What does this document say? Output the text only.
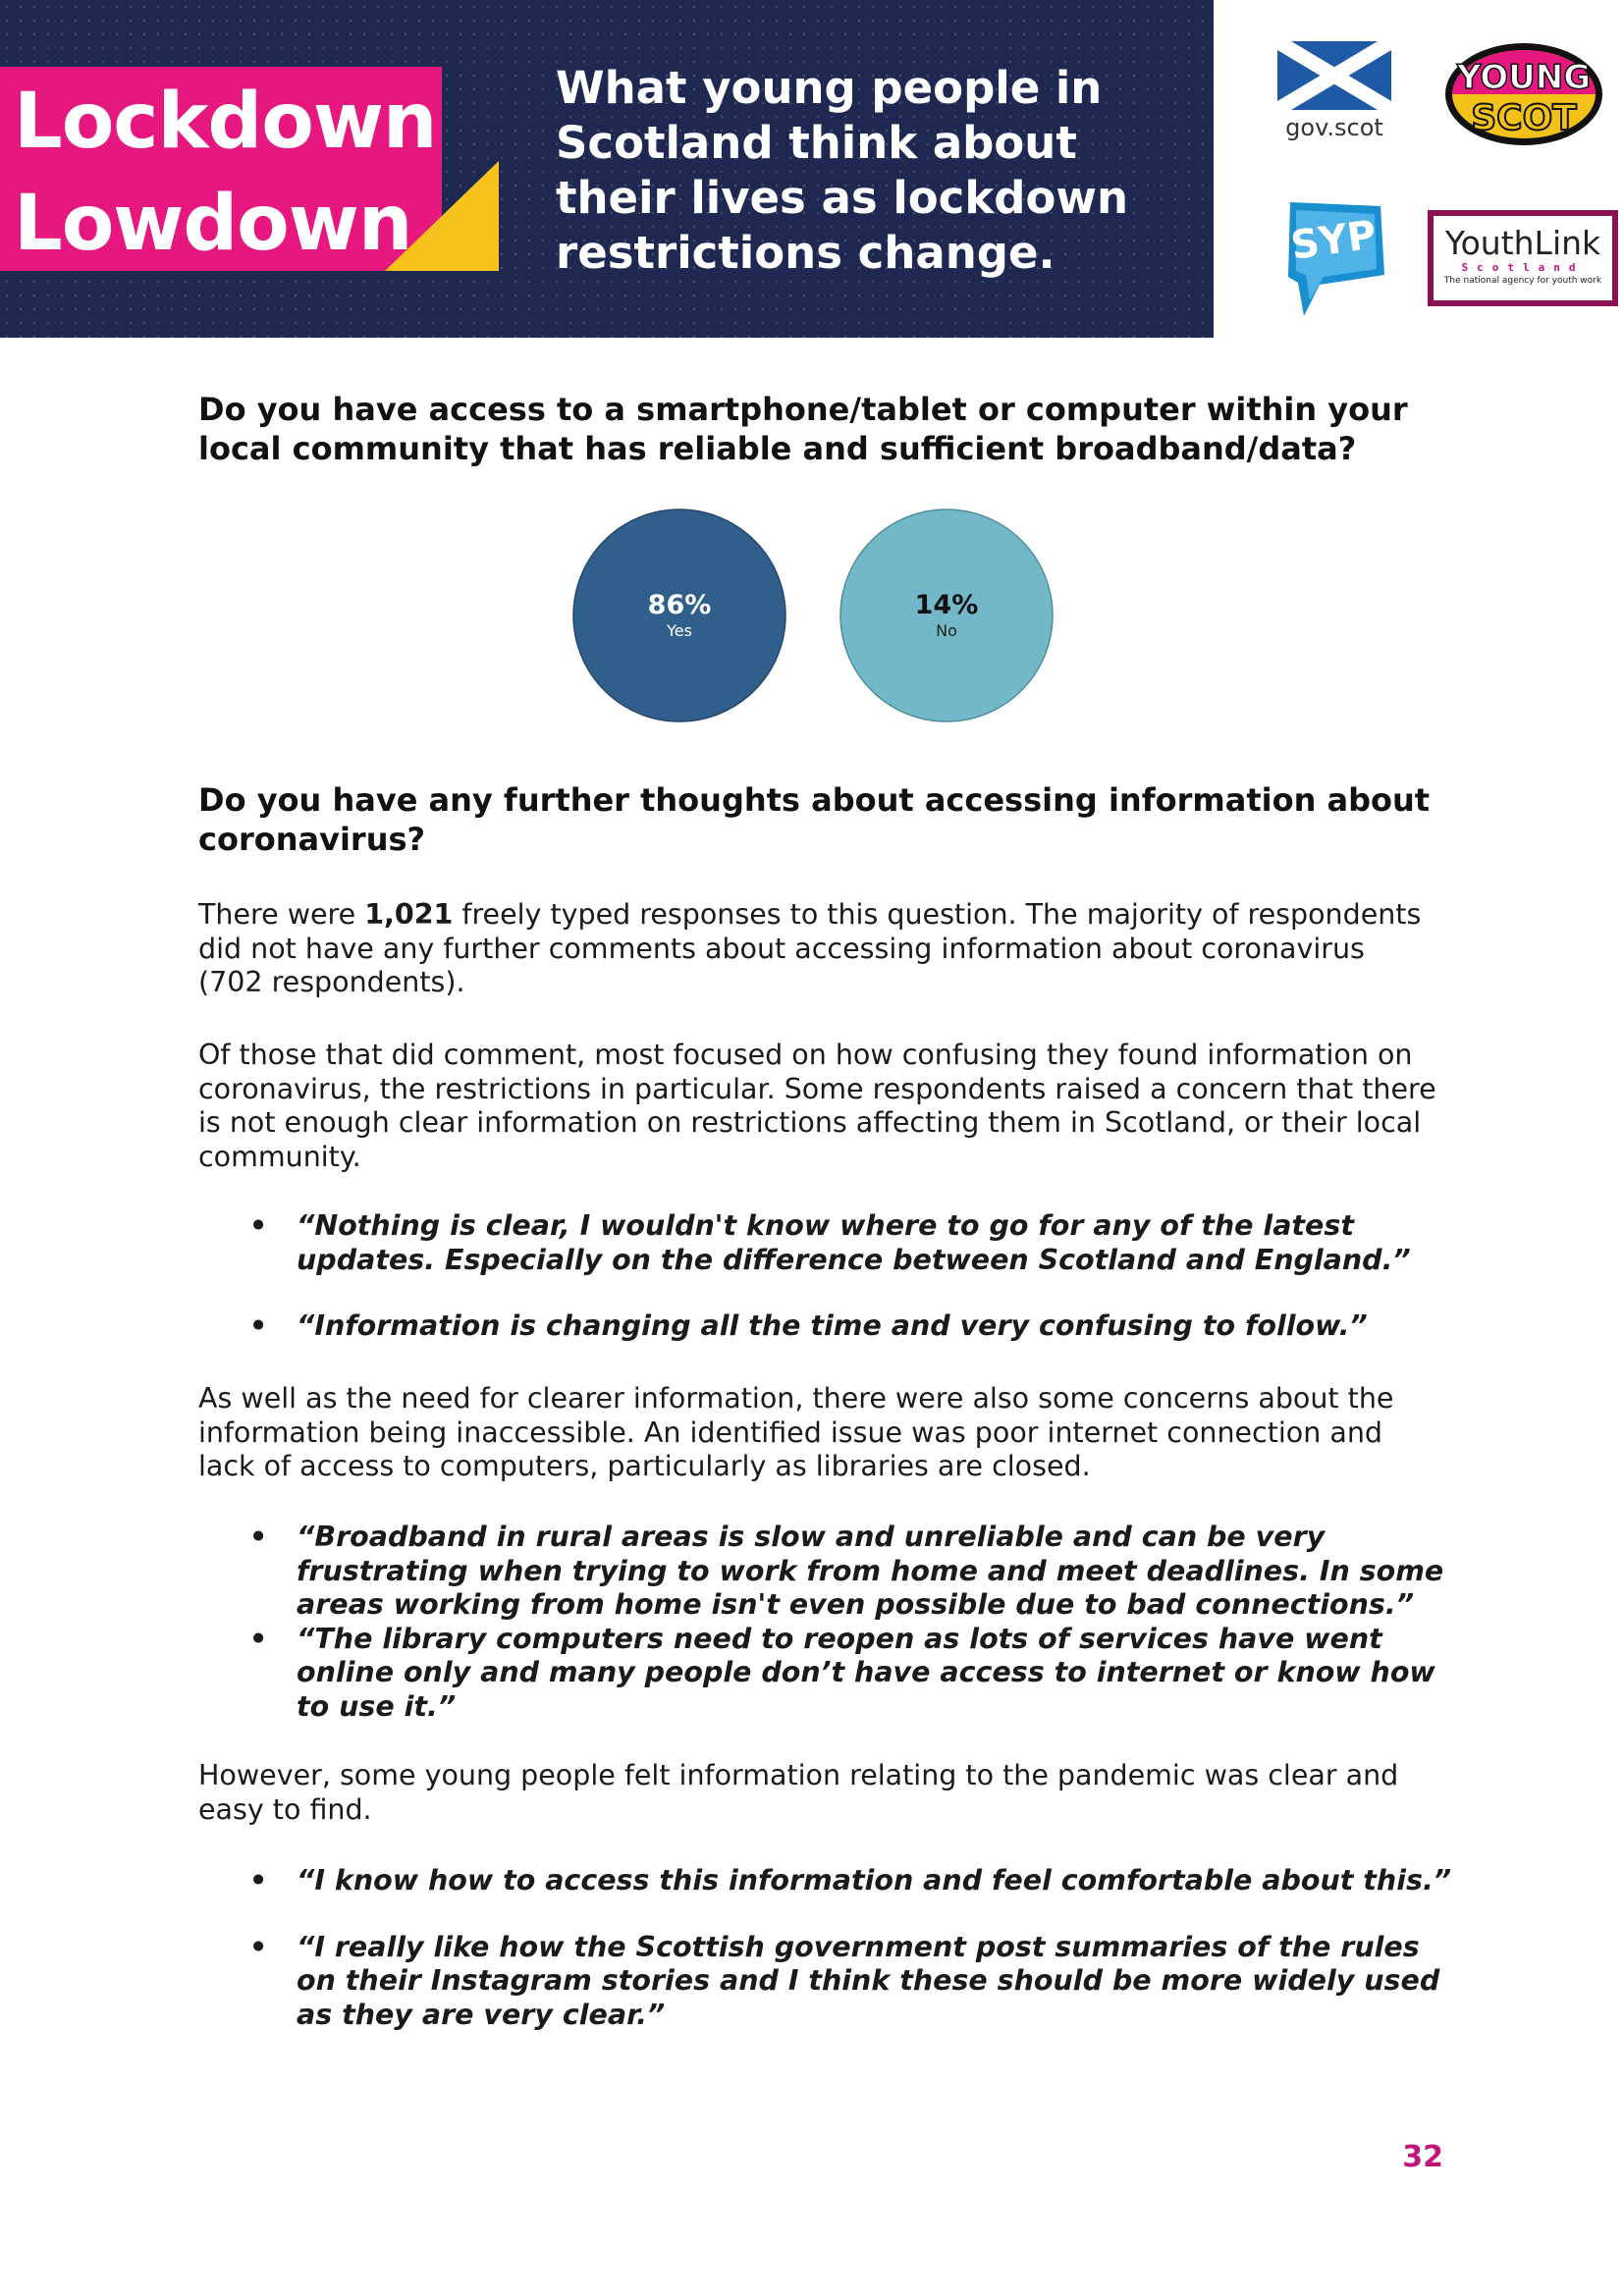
Lockdown
Lowdown
What young people in
Scotland think about
their lives as lockdown
restrictions change.
gov.scot
YOUNG
SCOT
SYP	YouthLink
Scotland
The national agency for youth work
Do you have access to a smartphone/tablet or computer within your local community that has reliable and sufficient broadband/data?
86%
Yes
14%
No
Do you have any further thoughts about accessing information about coronavirus?

There were 1,021 freely typed responses to this question. The majority of respondents did not have any further comments about accessing information about coronavirus (702 respondents).

Of those that did comment, most focused on how confusing they found information on coronavirus, the restrictions in particular. Some respondents raised a concern that there is not enough clear information on restrictions affecting them in Scotland, or their local community.

• “Nothing is clear, I wouldn't know where to go for any of the latest updates. Especially on the difference between Scotland and England.”
• “Information is changing all the time and very confusing to follow.”

As well as the need for clearer information, there were also some concerns about the information being inaccessible. An identified issue was poor internet connection and lack of access to computers, particularly as libraries are closed.

• “Broadband in rural areas is slow and unreliable and can be very frustrating when trying to work from home and meet deadlines. In some areas working from home isn't even possible due to bad connections.”
• “The library computers need to reopen as lots of services have went online only and many people don’t have access to internet or know how to use it.”

However, some young people felt information relating to the pandemic was clear and easy to find.

• “I know how to access this information and feel comfortable about this.”
• “I really like how the Scottish government post summaries of the rules on their Instagram stories and I think these should be more widely used as they are very clear.”
32
